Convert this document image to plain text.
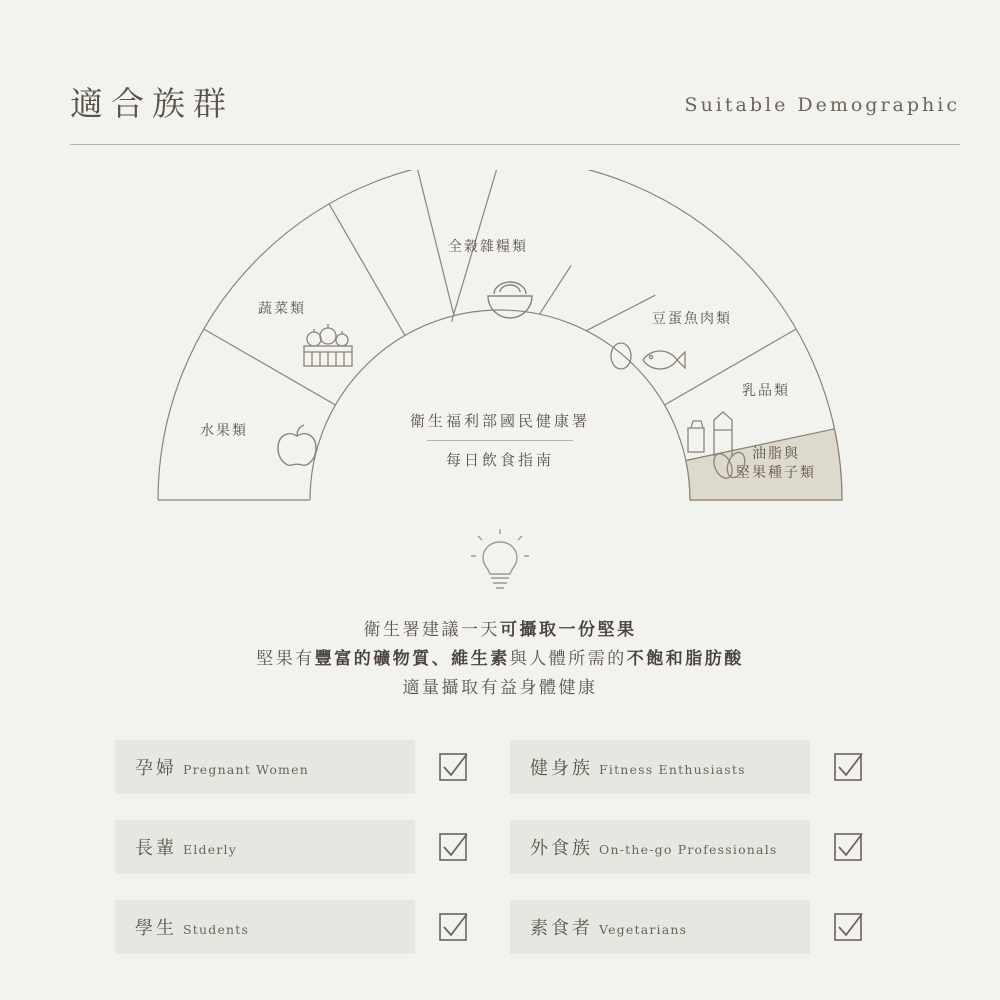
適合族群	Suitable Demographic
全穀雜糧類
蔬菜類
水果類
豆蛋魚肉類
乳品類
油脂與
堅果種子類
衛生福利部國民健康署
每日飲食指南
衛生署建議一天可攝取一份堅果
堅果有豐富的礦物質、維生素與人體所需的不飽和脂肪酸
適量攝取有益身體健康
孕婦 Pregnant Women	健身族 Fitness Enthusiasts
長輩 Elderly	外食族 On-the-go Professionals
學生 Students	素食者 Vegetarians
